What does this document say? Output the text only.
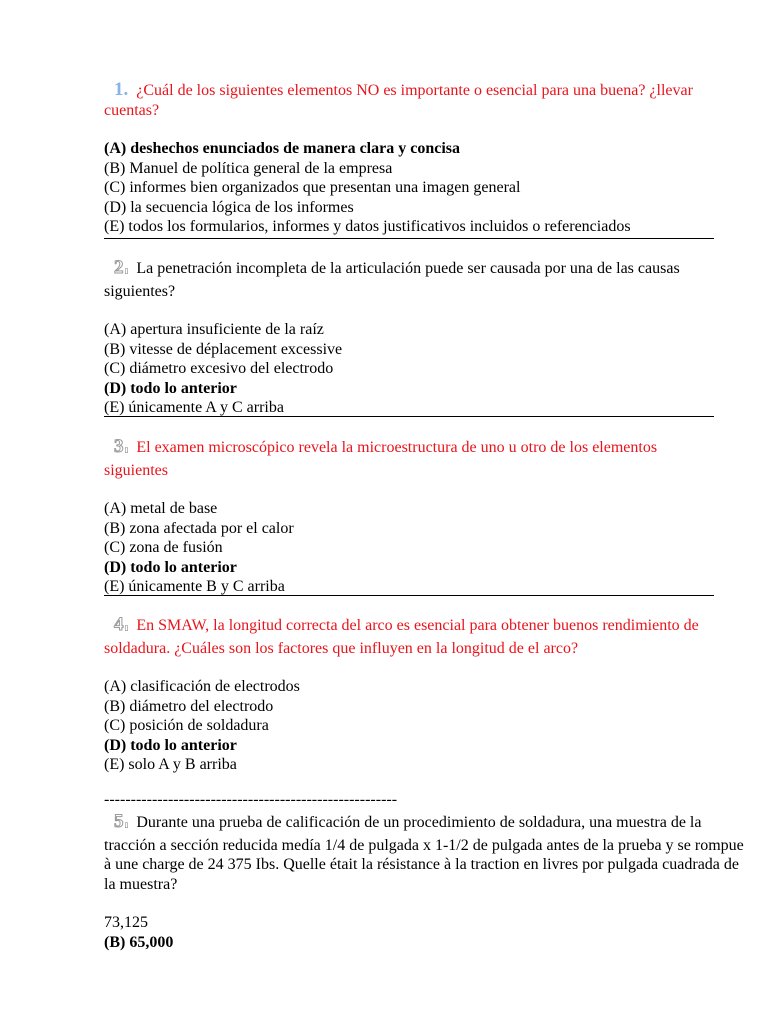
1. ¿Cuál de los siguientes elementos NO es importante o esencial para una buena? ¿llevar cuentas?

(A) deshechos enunciados de manera clara y concisa

(B) Manuel de política general de la empresa

(C) informes bien organizados que presentan una imagen general

(D) la secuencia lógica de los informes

(E) todos los formularios, informes y datos justificativos incluidos o referenciados

2▯ La penetración incompleta de la articulación puede ser causada por una de las causas siguientes?

(A) apertura insuficiente de la raíz

(B) vitesse de déplacement excessive

(C) diámetro excesivo del electrodo

(D) todo lo anterior

(E) únicamente A y C arriba

3▯ El examen microscópico revela la microestructura de uno u otro de los elementos siguientes

(A) metal de base

(B) zona afectada por el calor

(C) zona de fusión

(D) todo lo anterior

(E) únicamente B y C arriba

4▯ En SMAW, la longitud correcta del arco es esencial para obtener buenos rendimiento de soldadura. ¿Cuáles son los factores que influyen en la longitud de el arco?

(A) clasificación de electrodos

(B) diámetro del electrodo

(C) posición de soldadura

(D) todo lo anterior

(E) solo A y B arriba

-------------------------------------------------------

5▯ Durante una prueba de calificación de un procedimiento de soldadura, una muestra de la tracción a sección reducida medía 1/4 de pulgada x 1-1/2 de pulgada antes de la prueba y se rompue à une charge de 24 375 Ibs. Quelle était la résistance à la traction en livres por pulgada cuadrada de la muestra?

73,125

(B) 65,000
